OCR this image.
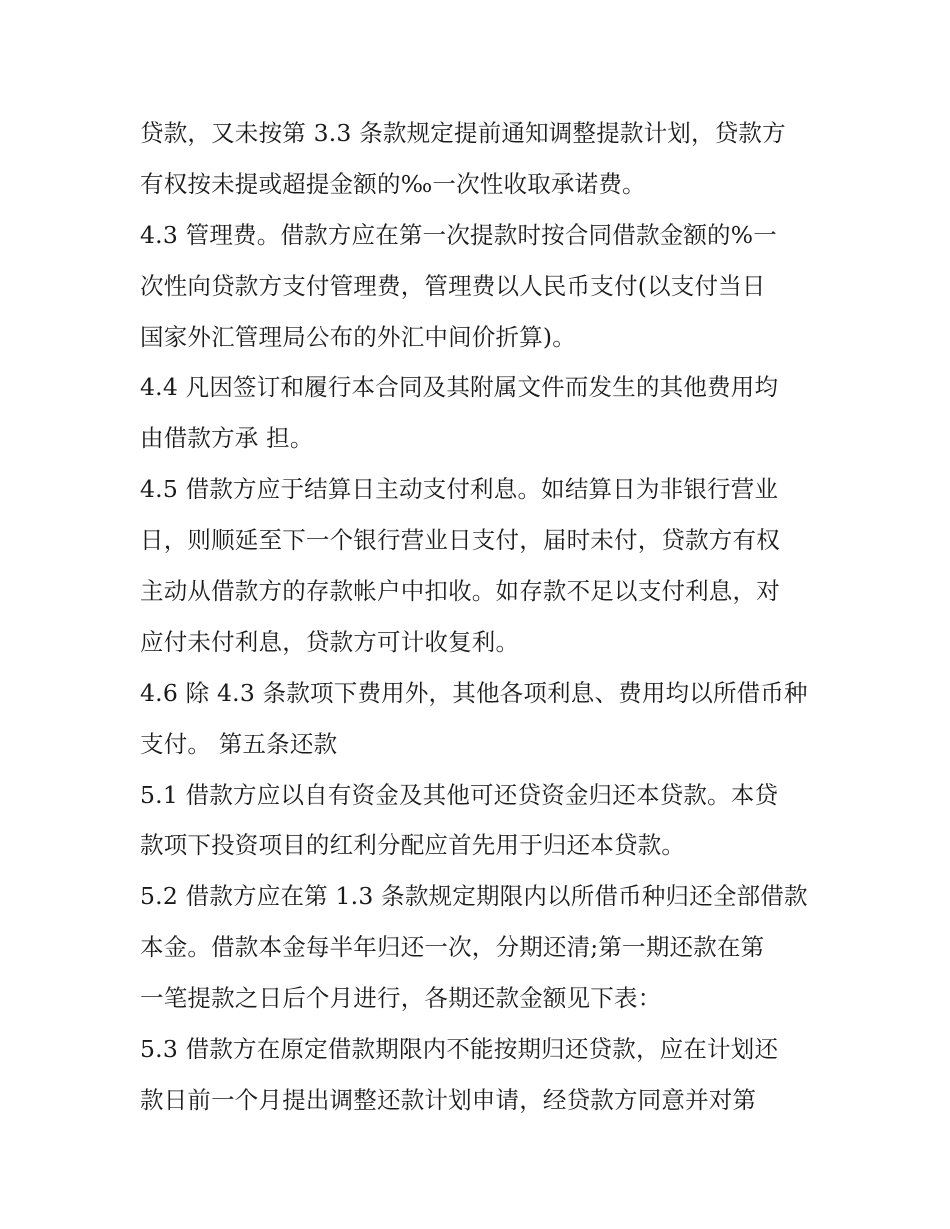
贷款，又未按第 3.3 条款规定提前通知调整提款计划，贷款方
有权按未提或超提金额的‰一次性收取承诺费。
4.3 管理费。借款方应在第一次提款时按合同借款金额的%一
次性向贷款方支付管理费，管理费以人民币支付(以支付当日
国家外汇管理局公布的外汇中间价折算)。
4.4 凡因签订和履行本合同及其附属文件而发生的其他费用均
由借款方承 担。
4.5 借款方应于结算日主动支付利息。如结算日为非银行营业
日，则顺延至下一个银行营业日支付，届时未付，贷款方有权
主动从借款方的存款帐户中扣收。如存款不足以支付利息，对
应付未付利息，贷款方可计收复利。
4.6 除 4.3 条款项下费用外，其他各项利息、费用均以所借币种
支付。 第五条还款
5.1 借款方应以自有资金及其他可还贷资金归还本贷款。本贷
款项下投资项目的红利分配应首先用于归还本贷款。
5.2 借款方应在第 1.3 条款规定期限内以所借币种归还全部借款
本金。借款本金每半年归还一次，分期还清;第一期还款在第
一笔提款之日后个月进行，各期还款金额见下表：
5.3 借款方在原定借款期限内不能按期归还贷款，应在计划还
款日前一个月提出调整还款计划申请，经贷款方同意并对第
